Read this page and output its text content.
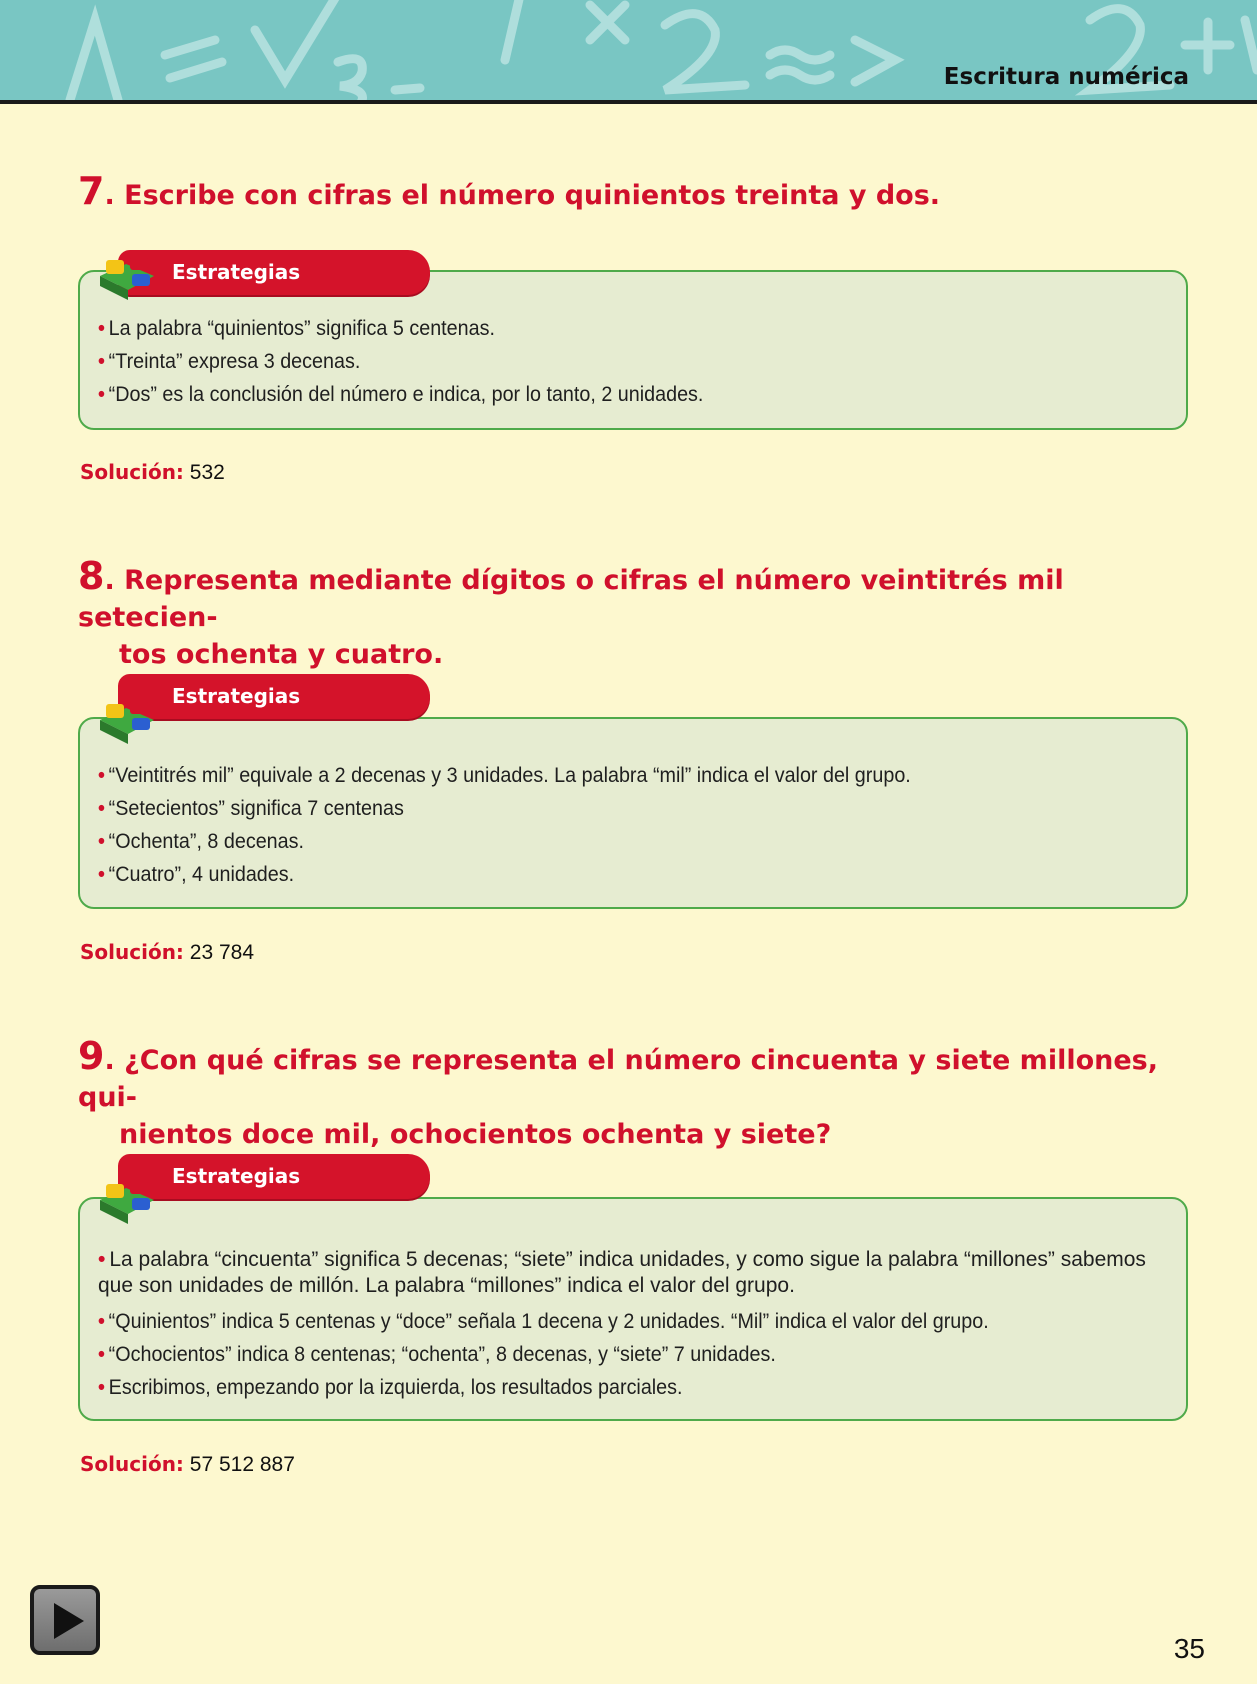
Escritura numérica
7. Escribe con cifras el número quinientos treinta y dos.
• La palabra “quinientos” significa 5 centenas.
• “Treinta” expresa 3 decenas.
• “Dos” es la conclusión del número e indica, por lo tanto, 2 unidades.
Estrategias
Solución: 532
8. Representa mediante dígitos o cifras el número veintitrés mil setecien-
tos ochenta y cuatro.
• “Veintitrés mil” equivale a 2 decenas y 3 unidades. La palabra “mil” indica el valor del grupo.
• “Setecientos” significa 7 centenas
• “Ochenta”, 8 decenas.
• “Cuatro”, 4 unidades.
Estrategias
Solución: 23 784
9. ¿Con qué cifras se representa el número cincuenta y siete millones, qui-
nientos doce mil, ochocientos ochenta y siete?
• La palabra “cincuenta” significa 5 decenas; “siete” indica unidades, y como sigue la palabra “millones” sabemos que son unidades de millón. La palabra “millones” indica el valor del grupo.
• “Quinientos” indica 5 centenas y “doce” señala 1 decena y 2 unidades. “Mil” indica el valor del grupo.
• “Ochocientos” indica 8 centenas; “ochenta”, 8 decenas, y “siete” 7 unidades.
• Escribimos, empezando por la izquierda, los resultados parciales.
Estrategias
Solución: 57 512 887
35
